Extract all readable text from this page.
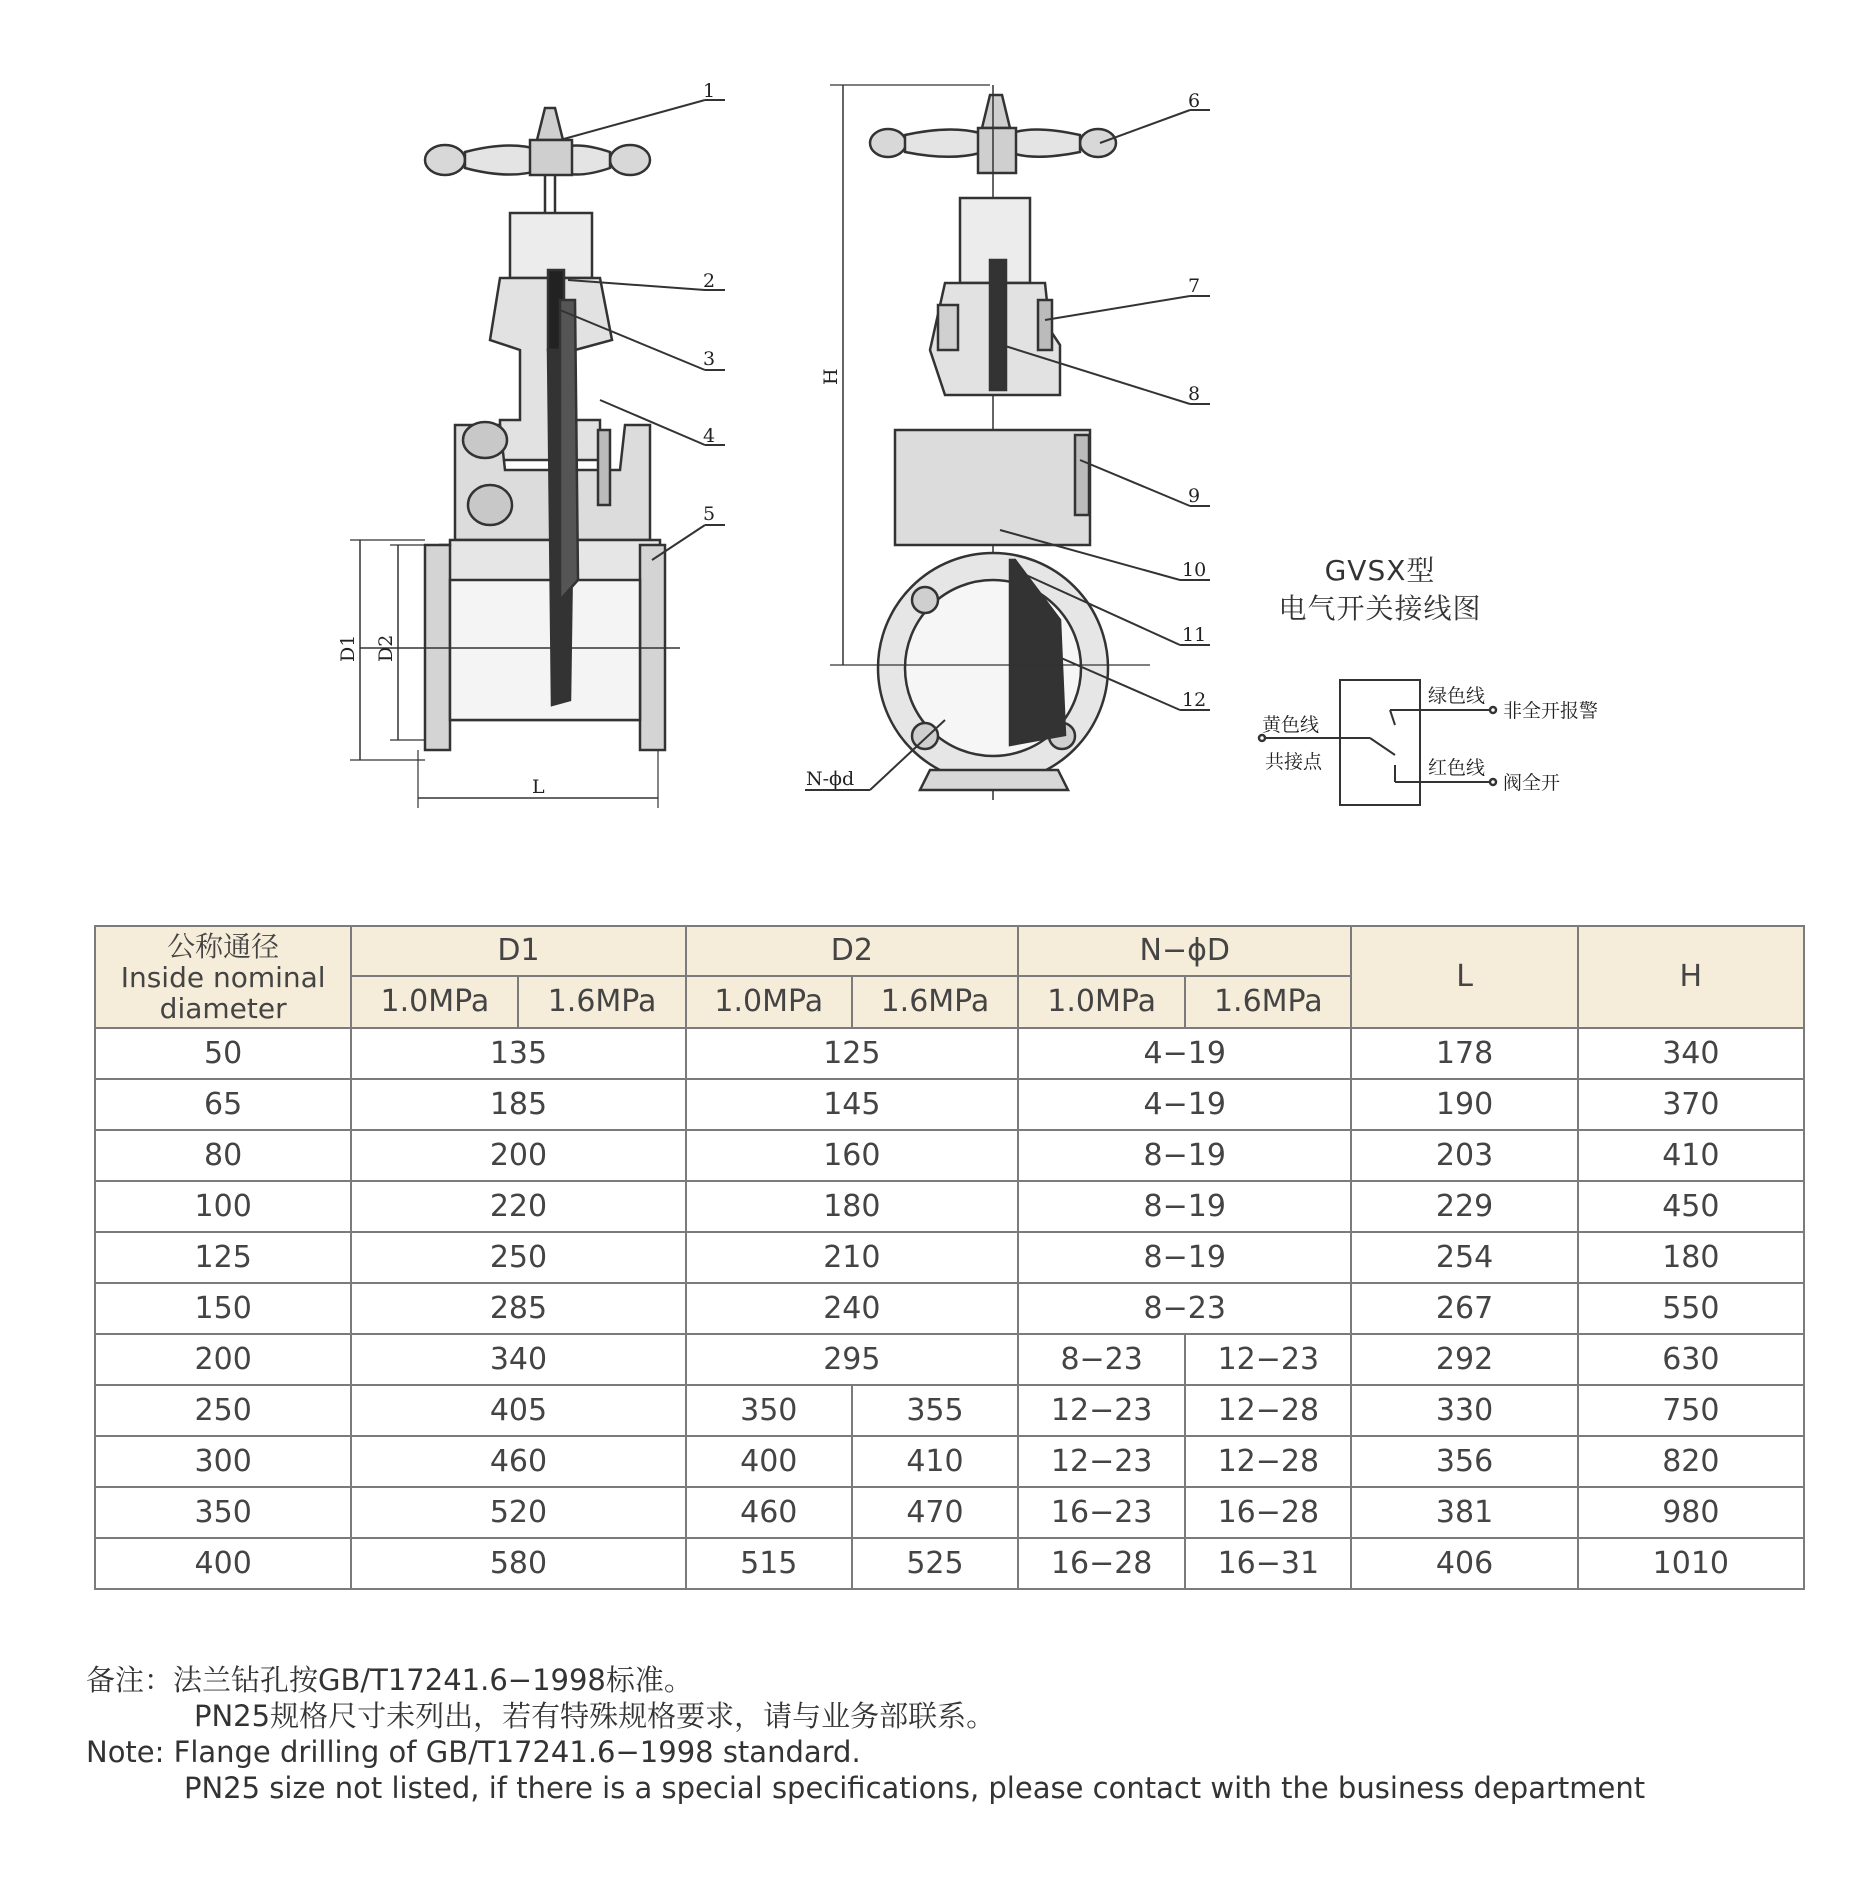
1
2
3
4
5
6
7
8
9
10
11
12
D1 D2
L
H
N-ϕd
黄色线
共接点
绿色线
红色线
非全开报警
阀全开
GVSX型
电气开关接线图
公称通径
Inside nominal
diameter	D1		D2		N−ϕD		L	H
	1.0MPa	1.6MPa	1.0MPa	1.6MPa	1.0MPa	1.6MPa		
50	135		125		4−19		178	340
65	185		145		4−19		190	370
80	200		160		8−19		203	410
100	220		180		8−19		229	450
125	250		210		8−19		254	180
150	285		240		8−23		267	550
200	340		295		8−23	12−23	292	630
250	405		350	355	12−23	12−28	330	750
300	460		400	410	12−23	12−28	356	820
350	520		460	470	16−23	16−28	381	980
400	580		515	525	16−28	16−31	406	1010
备注：法兰钻孔按GB/T17241.6−1998标准。
PN25规格尺寸未列出，若有特殊规格要求，请与业务部联系。
Note: Flange drilling of GB/T17241.6−1998 standard.
PN25 size not listed, if there is a special specifications, please contact with the business department
